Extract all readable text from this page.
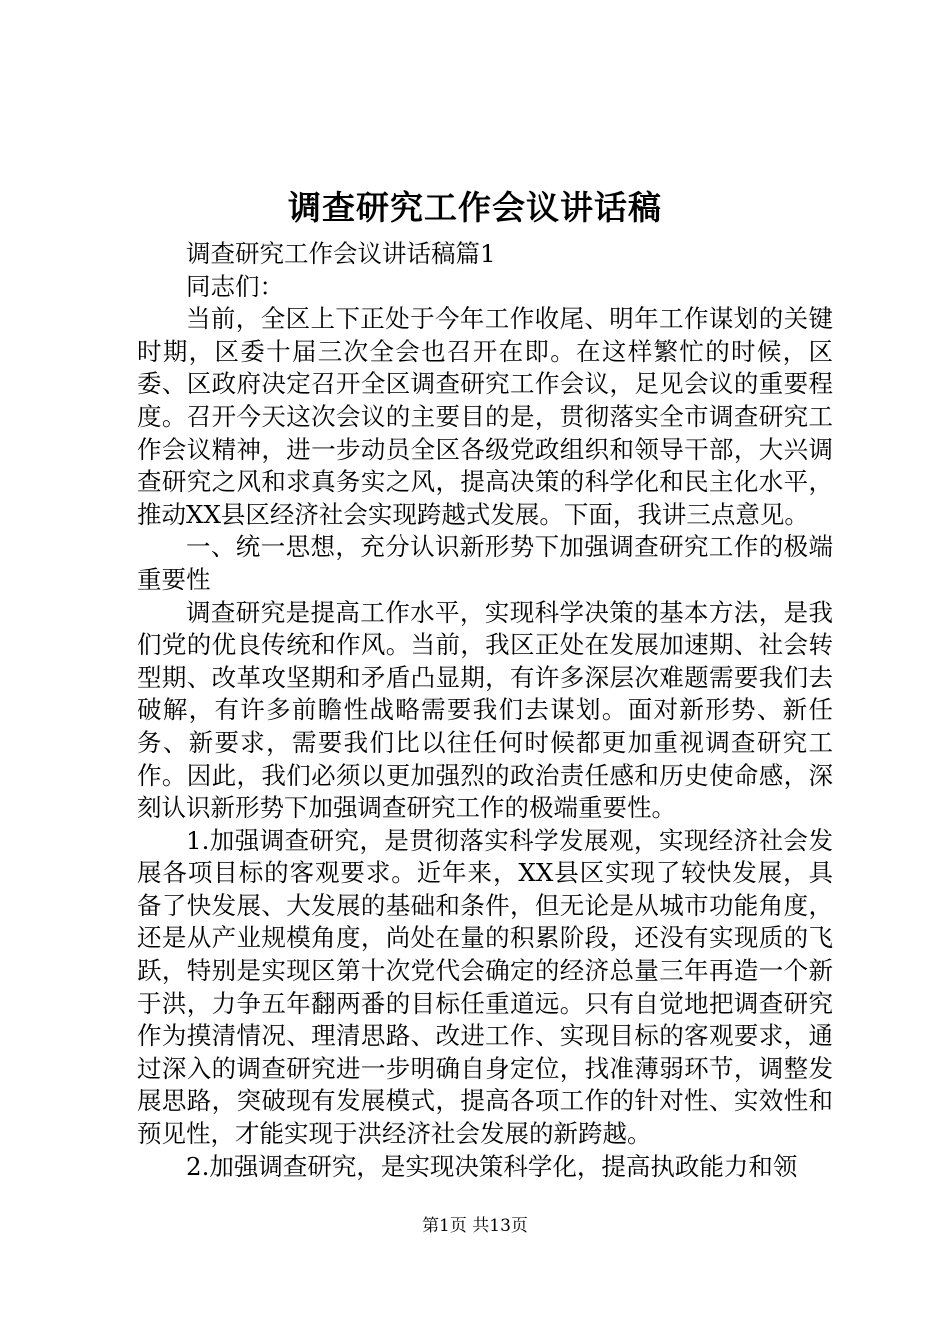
调查研究工作会议讲话稿

调查研究工作会议讲话稿篇1

同志们：

当前，全区上下正处于今年工作收尾、明年工作谋划的关键时期，区委十届三次全会也召开在即。在这样繁忙的时候，区委、区政府决定召开全区调查研究工作会议，足见会议的重要程度。召开今天这次会议的主要目的是，贯彻落实全市调查研究工作会议精神，进一步动员全区各级党政组织和领导干部，大兴调查研究之风和求真务实之风，提高决策的科学化和民主化水平，推动XX县区经济社会实现跨越式发展。下面，我讲三点意见。

一、统一思想，充分认识新形势下加强调查研究工作的极端重要性

调查研究是提高工作水平，实现科学决策的基本方法，是我们党的优良传统和作风。当前，我区正处在发展加速期、社会转型期、改革攻坚期和矛盾凸显期，有许多深层次难题需要我们去破解，有许多前瞻性战略需要我们去谋划。面对新形势、新任务、新要求，需要我们比以往任何时候都更加重视调查研究工作。因此，我们必须以更加强烈的政治责任感和历史使命感，深刻认识新形势下加强调查研究工作的极端重要性。

1.加强调查研究，是贯彻落实科学发展观，实现经济社会发展各项目标的客观要求。近年来，XX县区实现了较快发展，具备了快发展、大发展的基础和条件，但无论是从城市功能角度，还是从产业规模角度，尚处在量的积累阶段，还没有实现质的飞跃，特别是实现区第十次党代会确定的经济总量三年再造一个新于洪，力争五年翻两番的目标任重道远。只有自觉地把调查研究作为摸清情况、理清思路、改进工作、实现目标的客观要求，通过深入的调查研究进一步明确自身定位，找准薄弱环节，调整发展思路，突破现有发展模式，提高各项工作的针对性、实效性和预见性，才能实现于洪经济社会发展的新跨越。

2.加强调查研究，是实现决策科学化，提高执政能力和领

第1页 共13页
